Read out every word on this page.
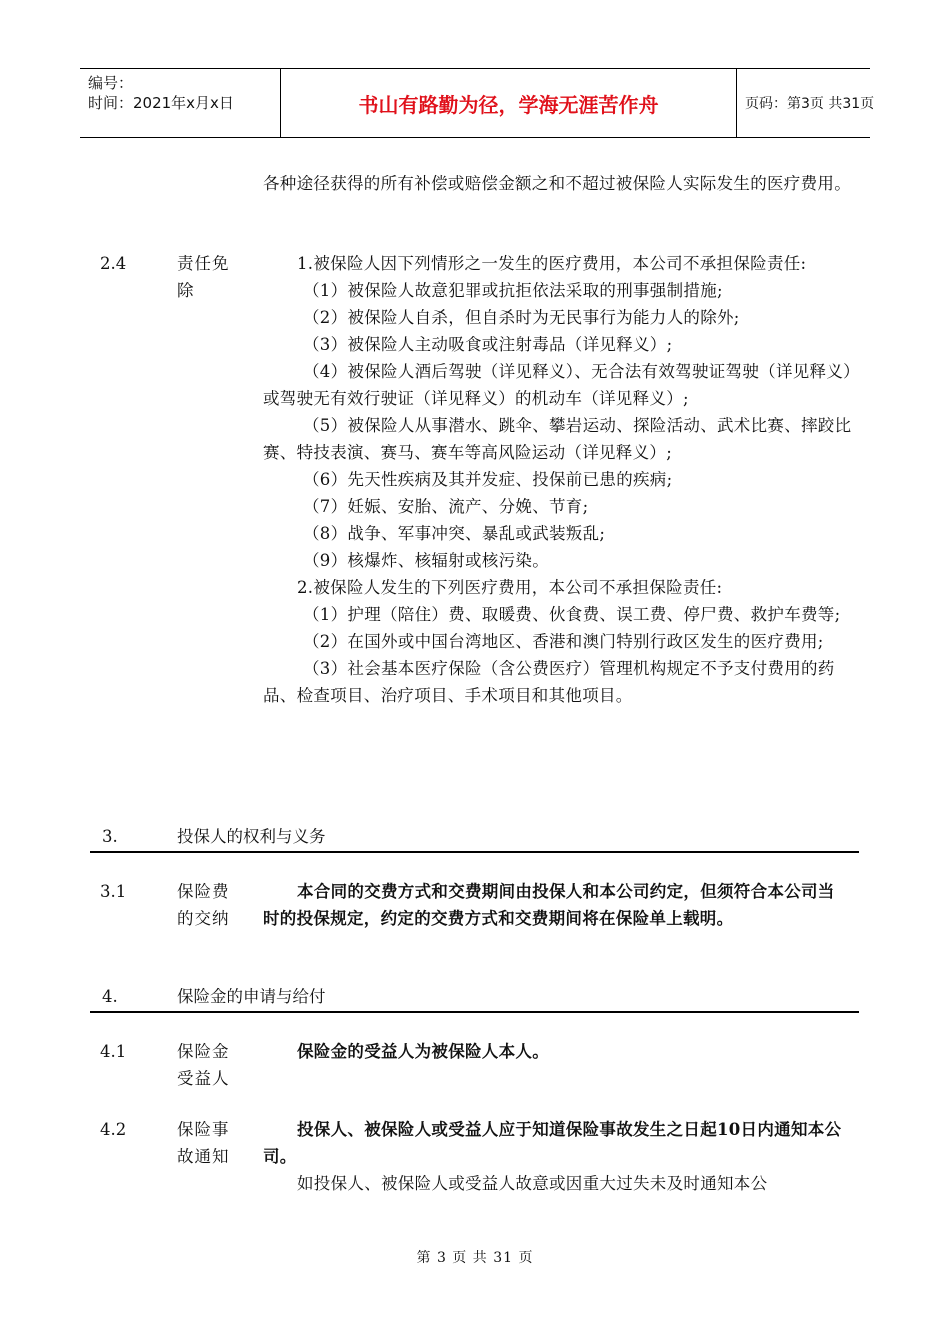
编号：
时间：2021年x月x日	书山有路勤为径，学海无涯苦作舟	页码：第3页 共31页
各种途径获得的所有补偿或赔偿金额之和不超过被保险人实际发生的医疗费用。
2.4	责任免除
1.被保险人因下列情形之一发生的医疗费用，本公司不承担保险责任:
（1）被保险人故意犯罪或抗拒依法采取的刑事强制措施;
（2）被保险人自杀，但自杀时为无民事行为能力人的除外;
（3）被保险人主动吸食或注射毒品（详见释义）;
（4）被保险人酒后驾驶（详见释义）、无合法有效驾驶证驾驶（详见释义）或驾驶无有效行驶证（详见释义）的机动车（详见释义）;
（5）被保险人从事潜水、跳伞、攀岩运动、探险活动、武术比赛、摔跤比赛、特技表演、赛马、赛车等高风险运动（详见释义）;
（6）先天性疾病及其并发症、投保前已患的疾病;
（7）妊娠、安胎、流产、分娩、节育;
（8）战争、军事冲突、暴乱或武装叛乱;
（9）核爆炸、核辐射或核污染。
2.被保险人发生的下列医疗费用，本公司不承担保险责任:
（1）护理（陪住）费、取暖费、伙食费、误工费、停尸费、救护车费等;
（2）在国外或中国台湾地区、香港和澳门特别行政区发生的医疗费用;
（3）社会基本医疗保险（含公费医疗）管理机构规定不予支付费用的药品、检查项目、治疗项目、手术项目和其他项目。
3.	投保人的权利与义务
3.1	保险费的交纳
本合同的交费方式和交费期间由投保人和本公司约定，但须符合本公司当时的投保规定，约定的交费方式和交费期间将在保险单上载明。
4.	保险金的申请与给付
4.1	保险金受益人
保险金的受益人为被保险人本人。
4.2	保险事故通知
投保人、被保险人或受益人应于知道保险事故发生之日起10日内通知本公司。
如投保人、被保险人或受益人故意或因重大过失未及时通知本公
第 3 页 共 31 页
